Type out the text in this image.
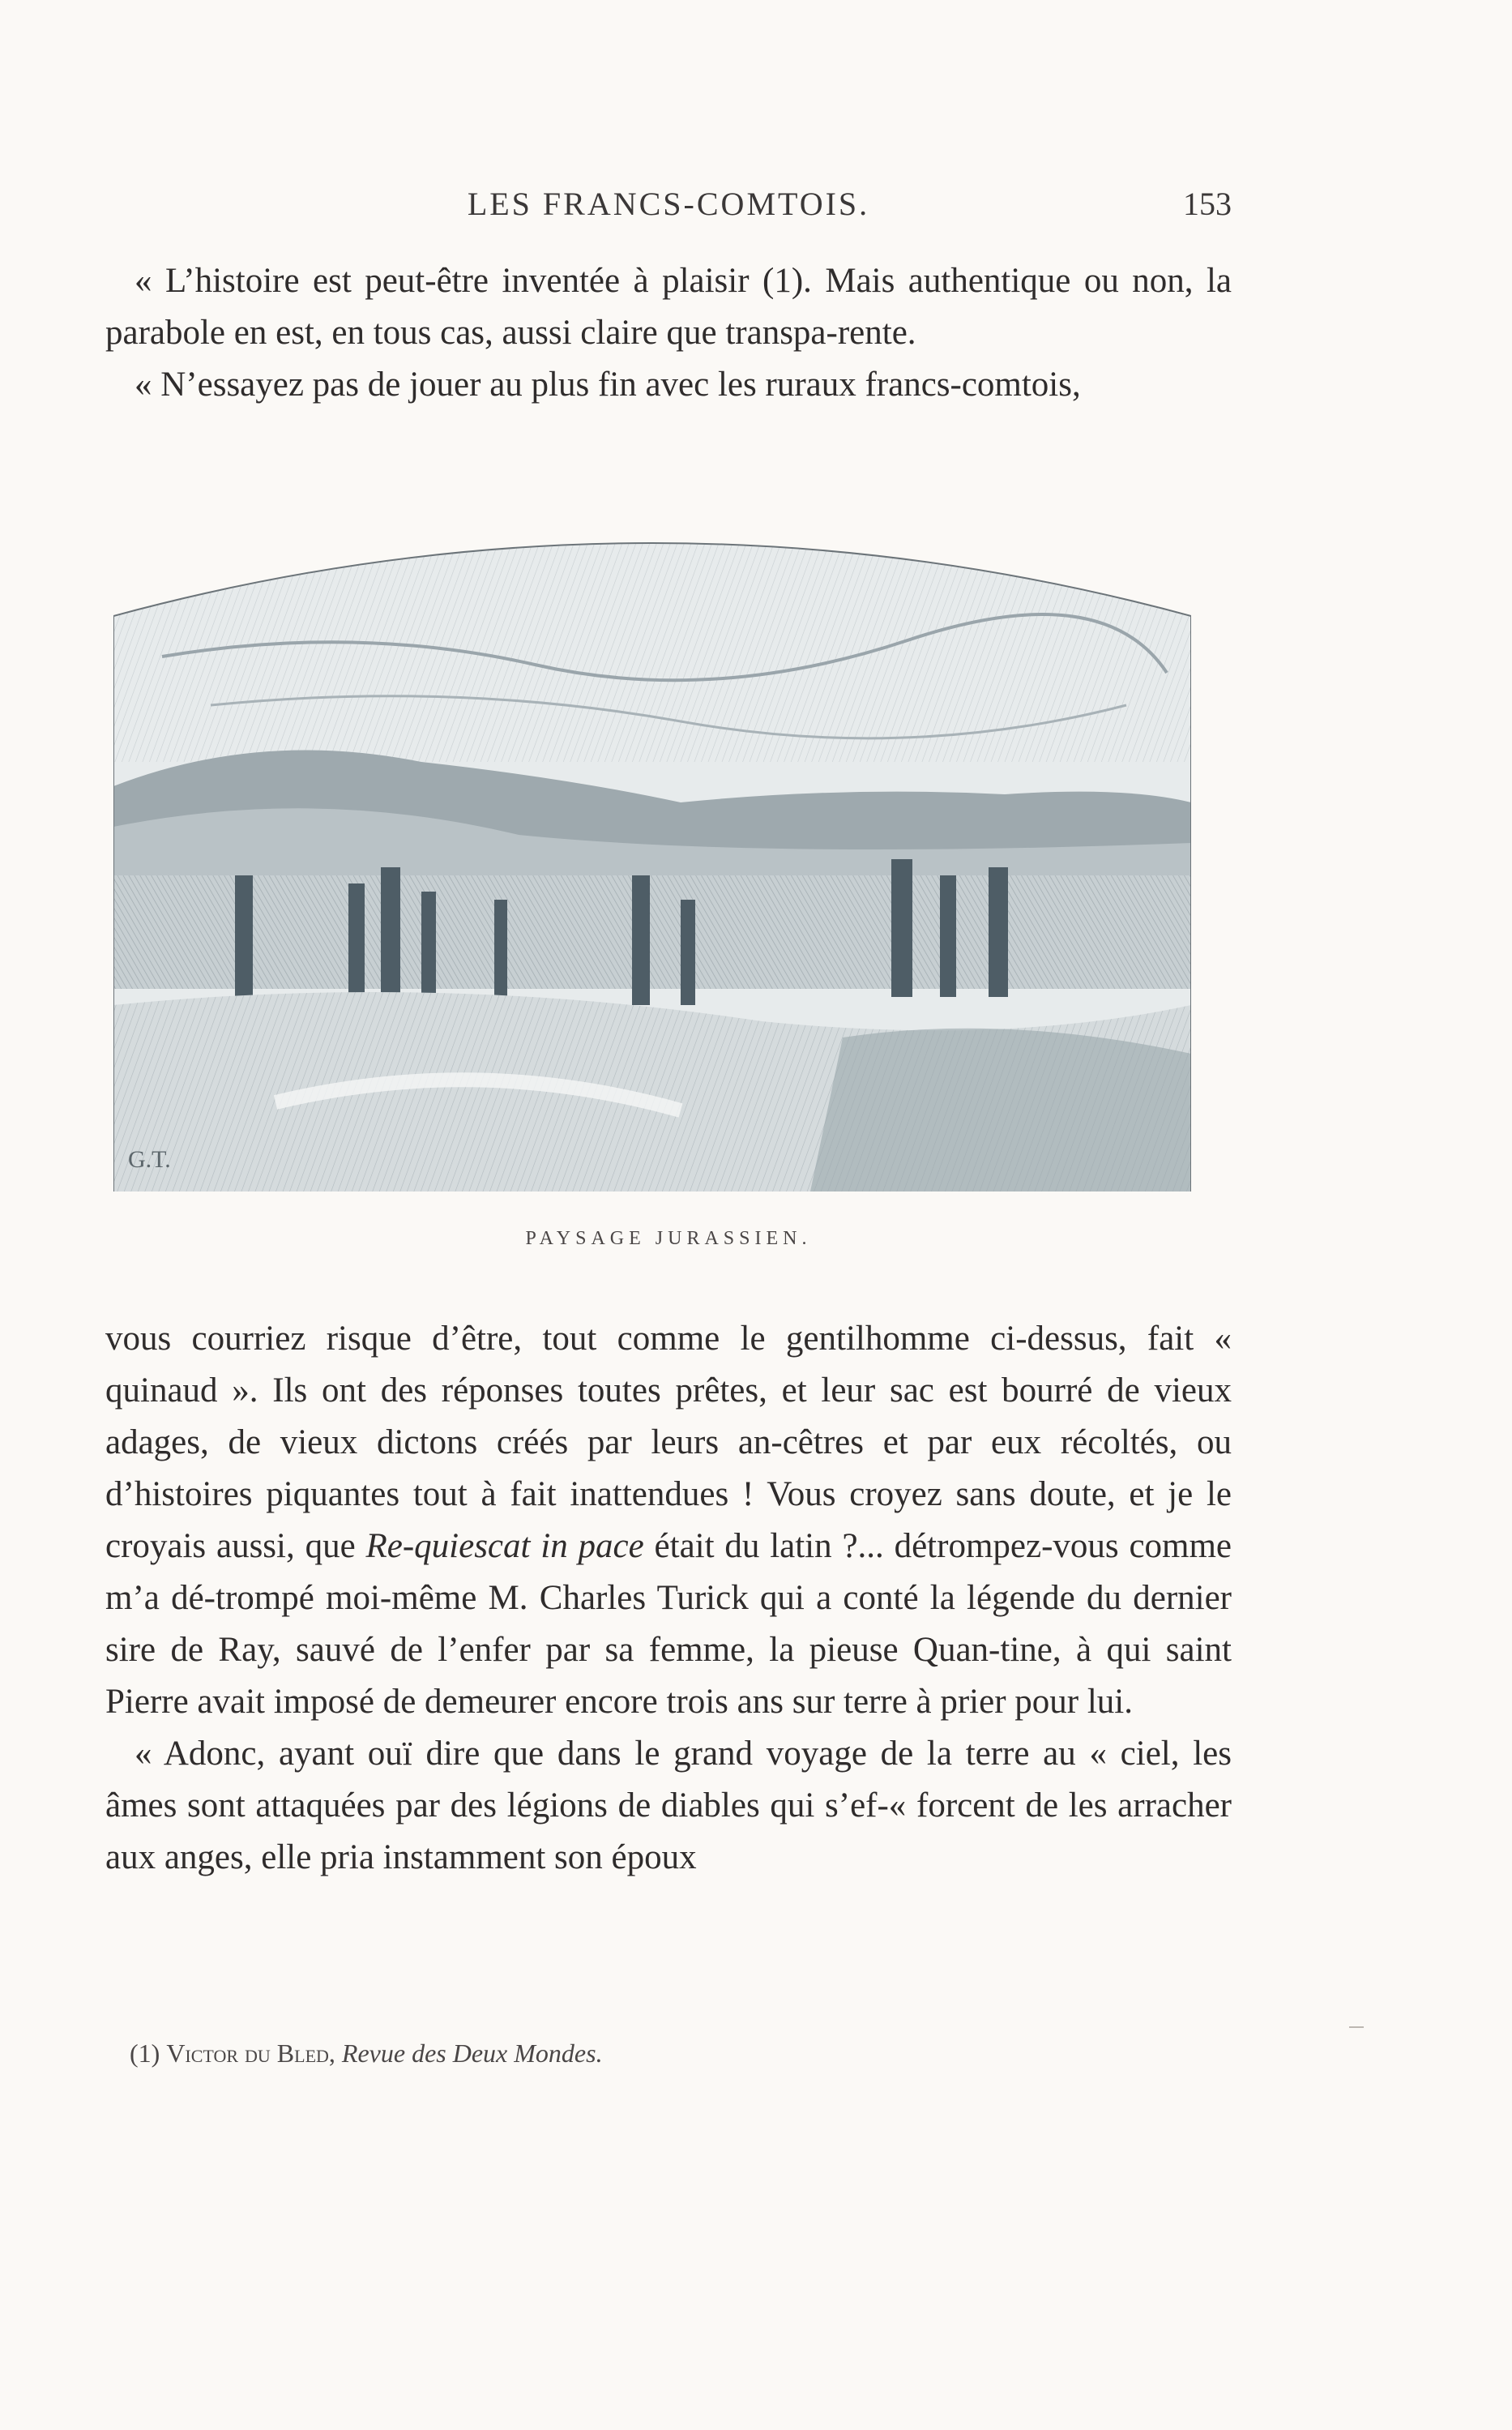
LES FRANCS-COMTOIS.	153

« L’histoire est peut-être inventée à plaisir (1). Mais authentique ou non, la parabole en est, en tous cas, aussi claire que transpa-rente.

« N’essayez pas de jouer au plus fin avec les ruraux francs-comtois,

G.T.
PAYSAGE JURASSIEN.

vous courriez risque d’être, tout comme le gentilhomme ci-dessus, fait « quinaud ». Ils ont des réponses toutes prêtes, et leur sac est bourré de vieux adages, de vieux dictons créés par leurs an-cêtres et par eux récoltés, ou d’histoires piquantes tout à fait inattendues ! Vous croyez sans doute, et je le croyais aussi, que Re-quiescat in pace était du latin ?... détrompez-vous comme m’a dé-trompé moi-même M. Charles Turick qui a conté la légende du dernier sire de Ray, sauvé de l’enfer par sa femme, la pieuse Quan-tine, à qui saint Pierre avait imposé de demeurer encore trois ans sur terre à prier pour lui.

« Adonc, ayant ouï dire que dans le grand voyage de la terre au « ciel, les âmes sont attaquées par des légions de diables qui s’ef-« forcent de les arracher aux anges, elle pria instamment son époux

(1) Victor du Bled, Revue des Deux Mondes.
